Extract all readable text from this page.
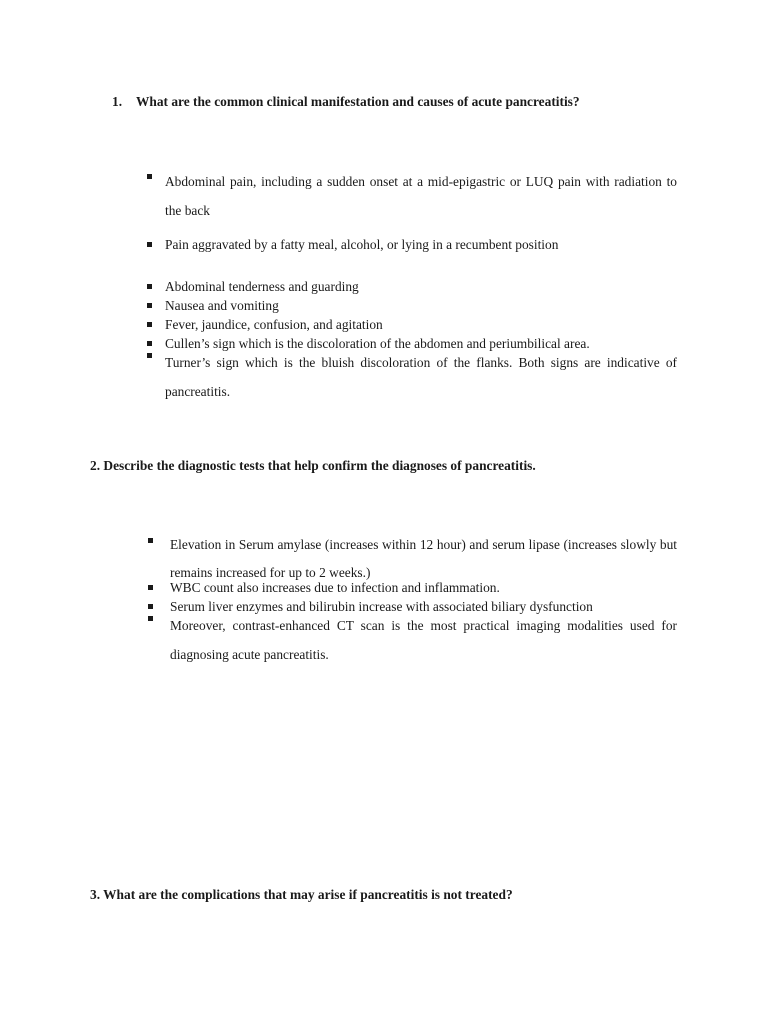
1. What are the common clinical manifestation and causes of acute pancreatitis?

Abdominal pain, including a sudden onset at a mid-epigastric or LUQ pain with radiation to the back
Pain aggravated by a fatty meal, alcohol, or lying in a recumbent position
Abdominal tenderness and guarding
Nausea and vomiting
Fever, jaundice, confusion, and agitation
Cullen’s sign which is the discoloration of the abdomen and periumbilical area.
Turner’s sign which is the bluish discoloration of the flanks. Both signs are indicative of pancreatitis.

2. Describe the diagnostic tests that help confirm the diagnoses of pancreatitis.

Elevation in Serum amylase (increases within 12 hour) and serum lipase (increases slowly but remains increased for up to 2 weeks.)
WBC count also increases due to infection and inflammation.
Serum liver enzymes and bilirubin increase with associated biliary dysfunction
Moreover, contrast-enhanced CT scan is the most practical imaging modalities used for diagnosing acute pancreatitis.

3. What are the complications that may arise if pancreatitis is not treated?
